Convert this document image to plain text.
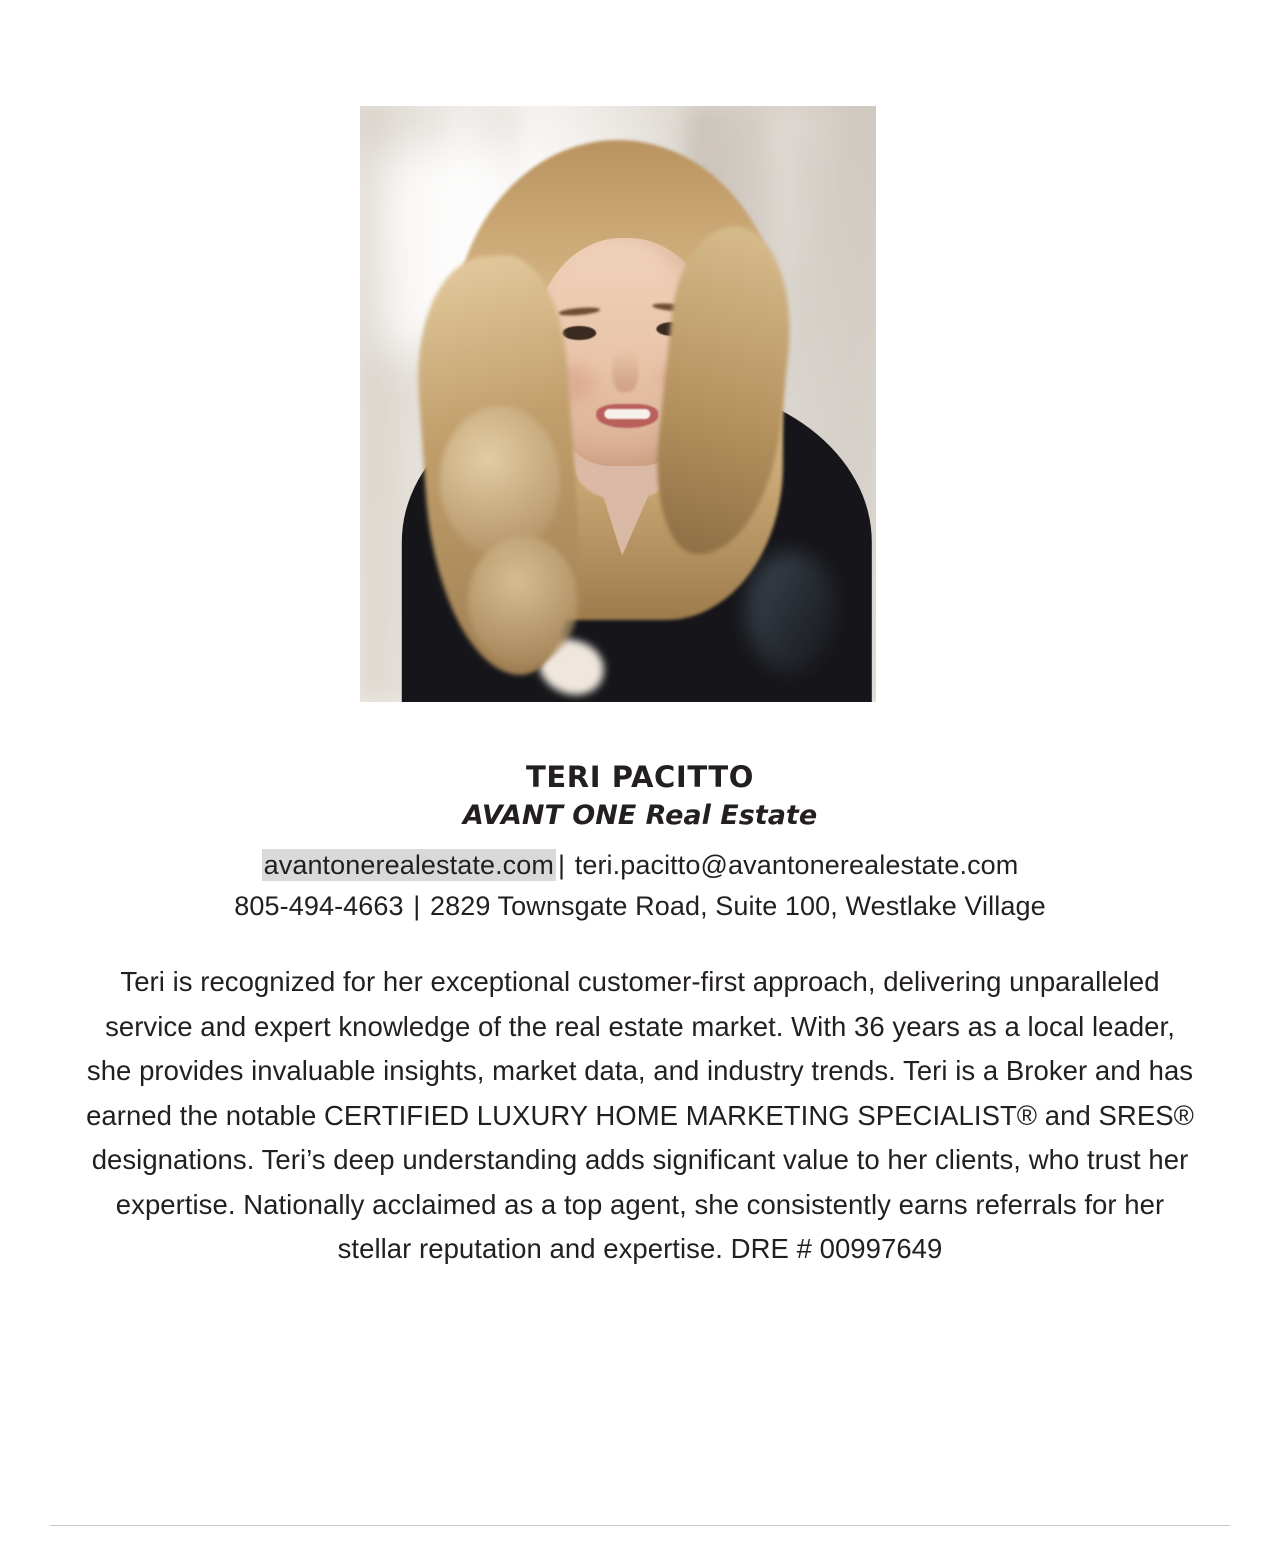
TERI PACITTO
AVANT ONE Real Estate

avantonerealestate.com | teri.pacitto@avantonerealestate.com

805-494-4663 | 2829 Townsgate Road, Suite 100, Westlake Village

Teri is recognized for her exceptional customer-first approach, delivering unparalleled service and expert knowledge of the real estate market. With 36 years as a local leader, she provides invaluable insights, market data, and industry trends. Teri is a Broker and has earned the notable CERTIFIED LUXURY HOME MARKETING SPECIALIST® and SRES® designations. Teri’s deep understanding adds significant value to her clients, who trust her expertise. Nationally acclaimed as a top agent, she consistently earns referrals for her stellar reputation and expertise. DRE # 00997649
